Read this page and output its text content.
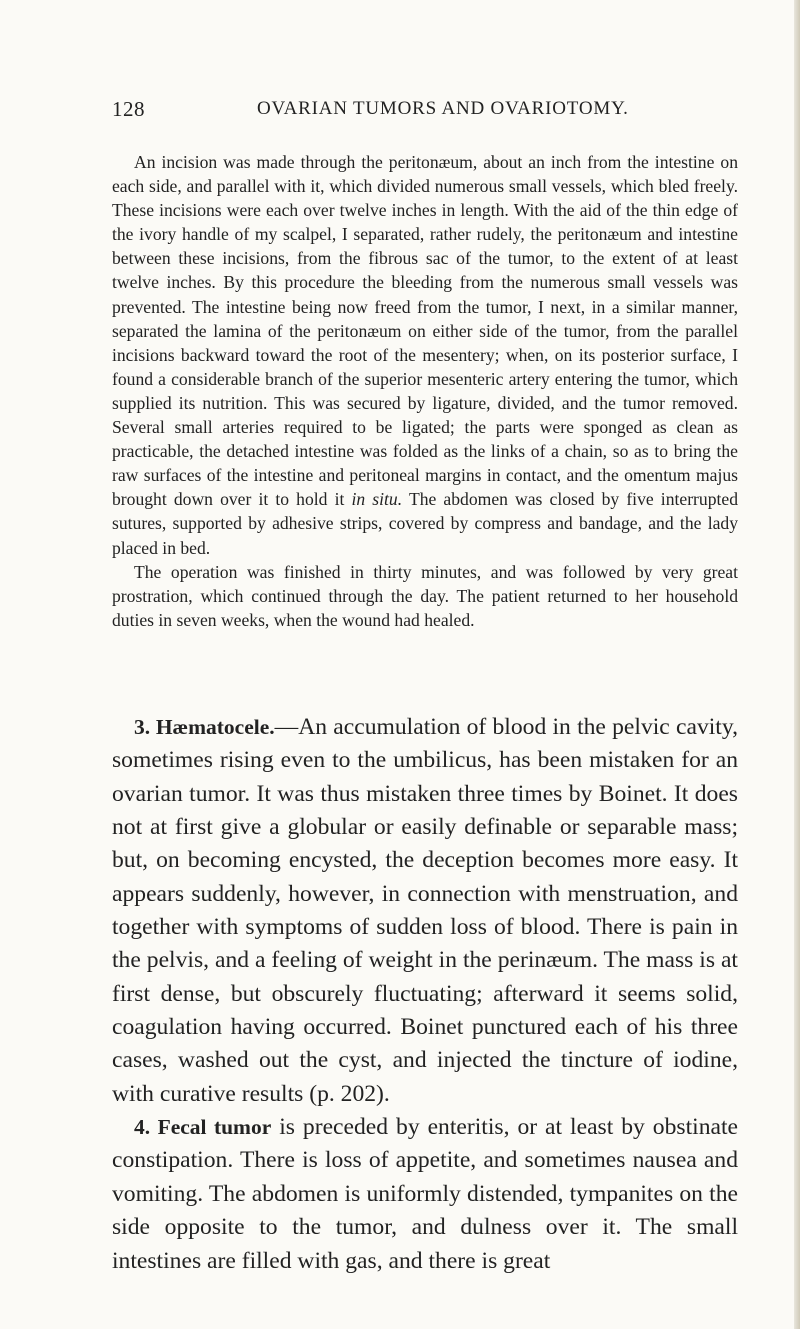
128	OVARIAN TUMORS AND OVARIOTOMY.

An incision was made through the peritonæum, about an inch from the intestine on each side, and parallel with it, which divided numerous small vessels, which bled freely. These incisions were each over twelve inches in length. With the aid of the thin edge of the ivory handle of my scalpel, I separated, rather rudely, the peritonæum and intestine between these incisions, from the fibrous sac of the tumor, to the extent of at least twelve inches. By this procedure the bleeding from the numerous small vessels was prevented. The intestine being now freed from the tumor, I next, in a similar manner, separated the lamina of the peritonæum on either side of the tumor, from the parallel incisions backward toward the root of the mesentery; when, on its posterior surface, I found a considerable branch of the superior mesenteric artery entering the tumor, which supplied its nutrition. This was secured by ligature, divided, and the tumor removed. Several small arteries required to be ligated; the parts were sponged as clean as practicable, the detached intestine was folded as the links of a chain, so as to bring the raw surfaces of the intestine and peritoneal margins in contact, and the omentum majus brought down over it to hold it in situ. The abdomen was closed by five interrupted sutures, supported by adhesive strips, covered by compress and bandage, and the lady placed in bed.

The operation was finished in thirty minutes, and was followed by very great prostration, which continued through the day. The patient returned to her household duties in seven weeks, when the wound had healed.

3. Hæmatocele.—An accumulation of blood in the pelvic cavity, sometimes rising even to the umbilicus, has been mistaken for an ovarian tumor. It was thus mistaken three times by Boinet. It does not at first give a globular or easily definable or separable mass; but, on becoming encysted, the deception becomes more easy. It appears suddenly, however, in connection with menstruation, and together with symptoms of sudden loss of blood. There is pain in the pelvis, and a feeling of weight in the perinæum. The mass is at first dense, but obscurely fluctuating; afterward it seems solid, coagulation having occurred. Boinet punctured each of his three cases, washed out the cyst, and injected the tincture of iodine, with curative results (p. 202).

4. Fecal tumor is preceded by enteritis, or at least by obstinate constipation. There is loss of appetite, and sometimes nausea and vomiting. The abdomen is uniformly distended, tympanites on the side opposite to the tumor, and dulness over it. The small intestines are filled with gas, and there is great
